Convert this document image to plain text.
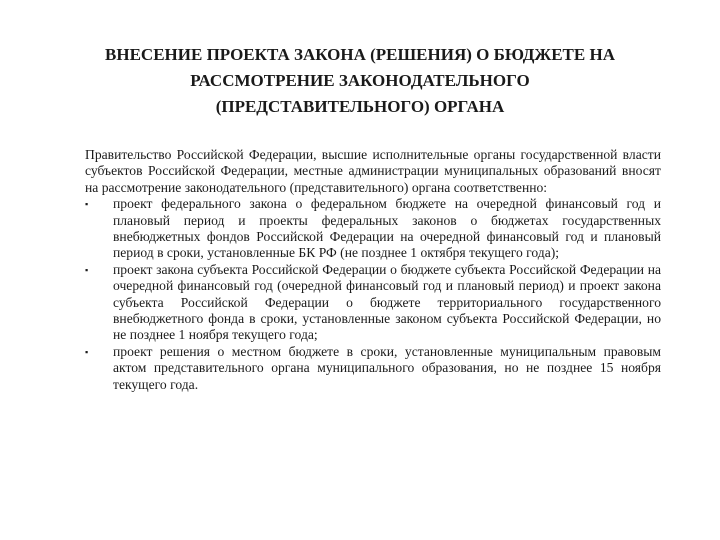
ВНЕСЕНИЕ ПРОЕКТА ЗАКОНА (РЕШЕНИЯ) О БЮДЖЕТЕ НА
РАССМОТРЕНИЕ ЗАКОНОДАТЕЛЬНОГО
(ПРЕДСТАВИТЕЛЬНОГО) ОРГАНА

Правительство Российской Федерации, высшие исполнительные органы государственной власти субъектов Российской Федерации, местные администрации муниципальных образований вносят на рассмотрение законодательного (представительного) органа соответственно:

▪ проект федерального закона о федеральном бюджете на очередной финансовый год и плановый период и проекты федеральных законов о бюджетах государственных внебюджетных фондов Российской Федерации на очередной финансовый год и плановый период в сроки, установленные БК РФ (не позднее 1 октября текущего года);
▪ проект закона субъекта Российской Федерации о бюджете субъекта Российской Федерации на очередной финансовый год (очередной финансовый год и плановый период) и проект закона субъекта Российской Федерации о бюджете территориального государственного внебюджетного фонда в сроки, установленные законом субъекта Российской Федерации, но не позднее 1 ноября текущего года;
▪ проект решения о местном бюджете в сроки, установленные муниципальным правовым актом представительного органа муниципального образования, но не позднее 15 ноября текущего года.
